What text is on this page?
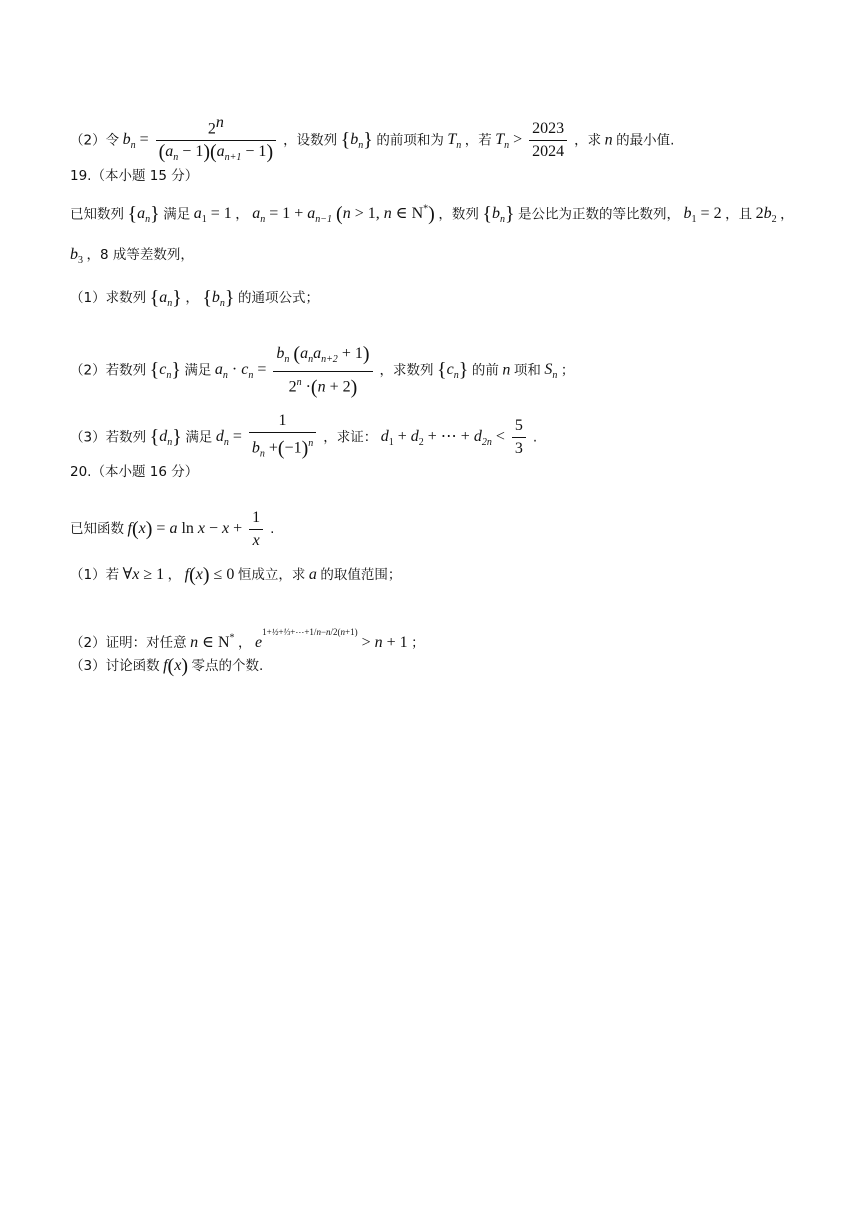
（2）令 $b_n = \frac{2^n}{(a_n - 1)(a_{n+1} - 1)}$ ，设数列 $\{b_n\}$ 的前项和为 $T_n$ ，若 $T_n > \frac{2023}{2024}$ ，求 n 的最小值.
19.（本小题 15 分）
已知数列 $\{a_n\}$ 满足 $a_1 = 1$ ， $a_n = 1 + a_{n-1}$ (n > 1, n ∈ N*) ，数列 $\{b_n\}$ 是公比为正数的等比数列， $b_1 = 2$ ，且 $2b_2$ ，
$b_3$ ，8 成等差数列，
（1）求数列 $\{a_n\}$ ， $\{b_n\}$ 的通项公式；
（2）若数列 $\{c_n\}$ 满足 $a_n \cdot c_n = \frac{b_n (a_na_{n+2} + 1)}{2^n \cdot(n + 2)}$ ，求数列 $\{c_n\}$ 的前 n 项和 $S_n$ ；
（3）若数列 $\{d_n\}$ 满足 $d_n = \frac{1}{b_n +(-1)^n}$ ，求证： $d_1 + d_2$ + ⋯ + $d_{2n} < \frac{5}{3}$ .
20.（本小题 16 分）
已知函数 f(x) = a $\ln x - x + \frac{1}{x}$ .
（1）若 ∀x ≥ 1 ， f(x) ≤ 0 恒成立，求 a 的取值范围；
（2）证明：对任意 n ∈ N* ， $e^{1+\frac{1}{2}+\frac{1}{3}+\cdots+1/n-n/2(n+1)} > n + 1$ ；
（3）讨论函数 f(x) 零点的个数.
